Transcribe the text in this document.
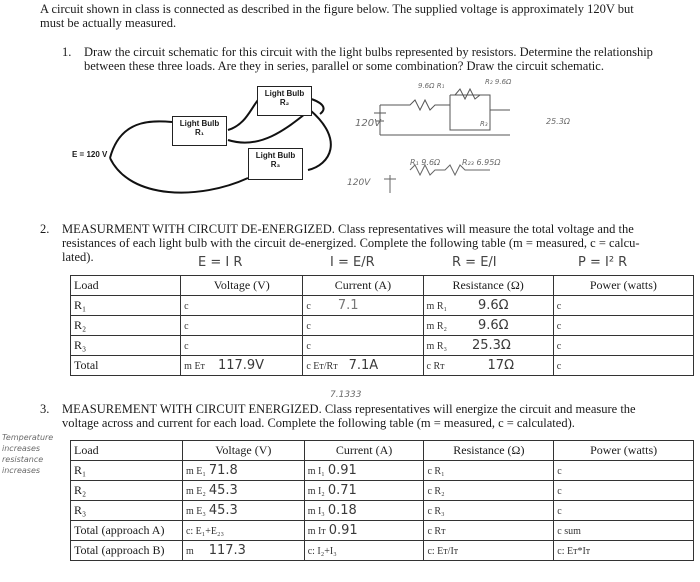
A circuit shown in class is connected as described in the figure below. The supplied voltage is approximately 120V but
must be actually measured.
1. Draw the circuit schematic for this circuit with the light bulbs represented by resistors. Determine the relationship
between these three loads. Are they in series, parallel or some combination? Draw the circuit schematic.
E = 120 V
Light Bulb
R₁
Light Bulb
R₂
Light Bulb
R₃
120V
9.6Ω R₁	R₂ 9.6Ω
R₃	25.3Ω
120V
R₁ 9.6Ω	R₂₃ 6.95Ω
2. MEASURMENT WITH CIRCUIT DE-ENERGIZED. Class representatives will measure the total voltage and the
resistances of each light bulb with the circuit de-energized. Complete the following table (m = measured, c = calcu-
lated).	E = I R	I = E/R	R = E/I	P = I² R
Load	Voltage (V)	Current (A)	Resistance (Ω)	Power (watts)
R₁	c	c 7.1	m R₁ 9.6Ω	c
R₂	c	c	m R₂ 9.6Ω	c
R₃	c	c	m R₃ 25.3Ω	c
Total	m Eᴛ 117.9V	c Eᴛ/Rᴛ 7.1A	c Rᴛ 17Ω	c
7.1333
3. MEASUREMENT WITH CIRCUIT ENERGIZED. Class representatives will energize the circuit and measure the
voltage across and current for each load. Complete the following table (m = measured, c = calculated).
Temperature increases resistance increases
Load	Voltage (V)	Current (A)	Resistance (Ω)	Power (watts)
R₁	m E₁ 71.8	m I₁ 0.91	c R₁	c
R₂	m E₂ 45.3	m I₂ 0.71	c R₂	c
R₃	m E₃ 45.3	m I₃ 0.18	c R₃	c
Total (approach A)	c: E₁+E₂₃	m Iᴛ 0.91	c Rᴛ	c sum
Total (approach B)	m 117.3	c: I₂+I₃	c: Eᴛ/Iᴛ	c: Eᴛ*Iᴛ
